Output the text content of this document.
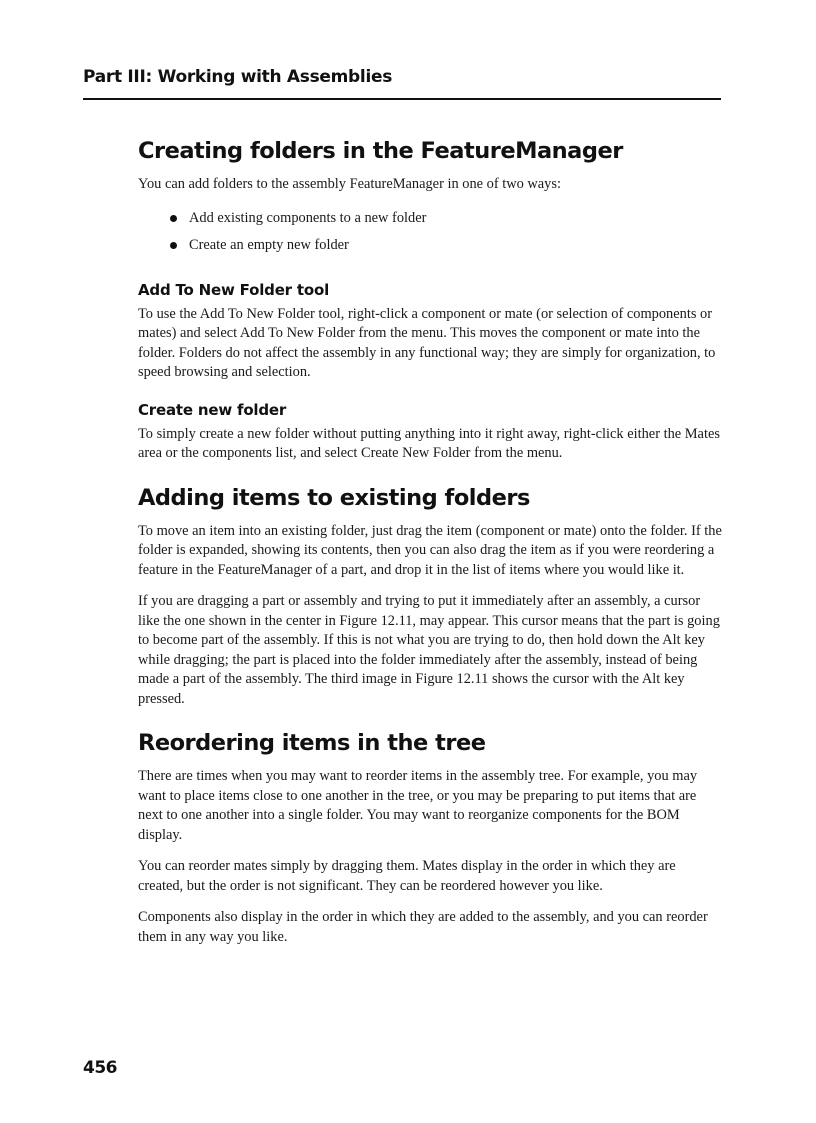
Part III: Working with Assemblies
Creating folders in the FeatureManager

You can add folders to the assembly FeatureManager in one of two ways:

Add existing components to a new folder
Create an empty new folder
Add To New Folder tool

To use the Add To New Folder tool, right-click a component or mate (or selection of components or mates) and select Add To New Folder from the menu. This moves the component or mate into the folder. Folders do not affect the assembly in any functional way; they are simply for organization, to speed browsing and selection.

Create new folder

To simply create a new folder without putting anything into it right away, right-click either the Mates area or the components list, and select Create New Folder from the menu.

Adding items to existing folders

To move an item into an existing folder, just drag the item (component or mate) onto the folder. If the folder is expanded, showing its contents, then you can also drag the item as if you were reordering a feature in the FeatureManager of a part, and drop it in the list of items where you would like it.

If you are dragging a part or assembly and trying to put it immediately after an assembly, a cursor like the one shown in the center in Figure 12.11, may appear. This cursor means that the part is going to become part of the assembly. If this is not what you are trying to do, then hold down the Alt key while dragging; the part is placed into the folder immediately after the assembly, instead of being made a part of the assembly. The third image in Figure 12.11 shows the cursor with the Alt key pressed.

Reordering items in the tree

There are times when you may want to reorder items in the assembly tree. For example, you may want to place items close to one another in the tree, or you may be preparing to put items that are next to one another into a single folder. You may want to reorganize components for the BOM display.

You can reorder mates simply by dragging them. Mates display in the order in which they are created, but the order is not significant. They can be reordered however you like.

Components also display in the order in which they are added to the assembly, and you can reorder them in any way you like.

456
